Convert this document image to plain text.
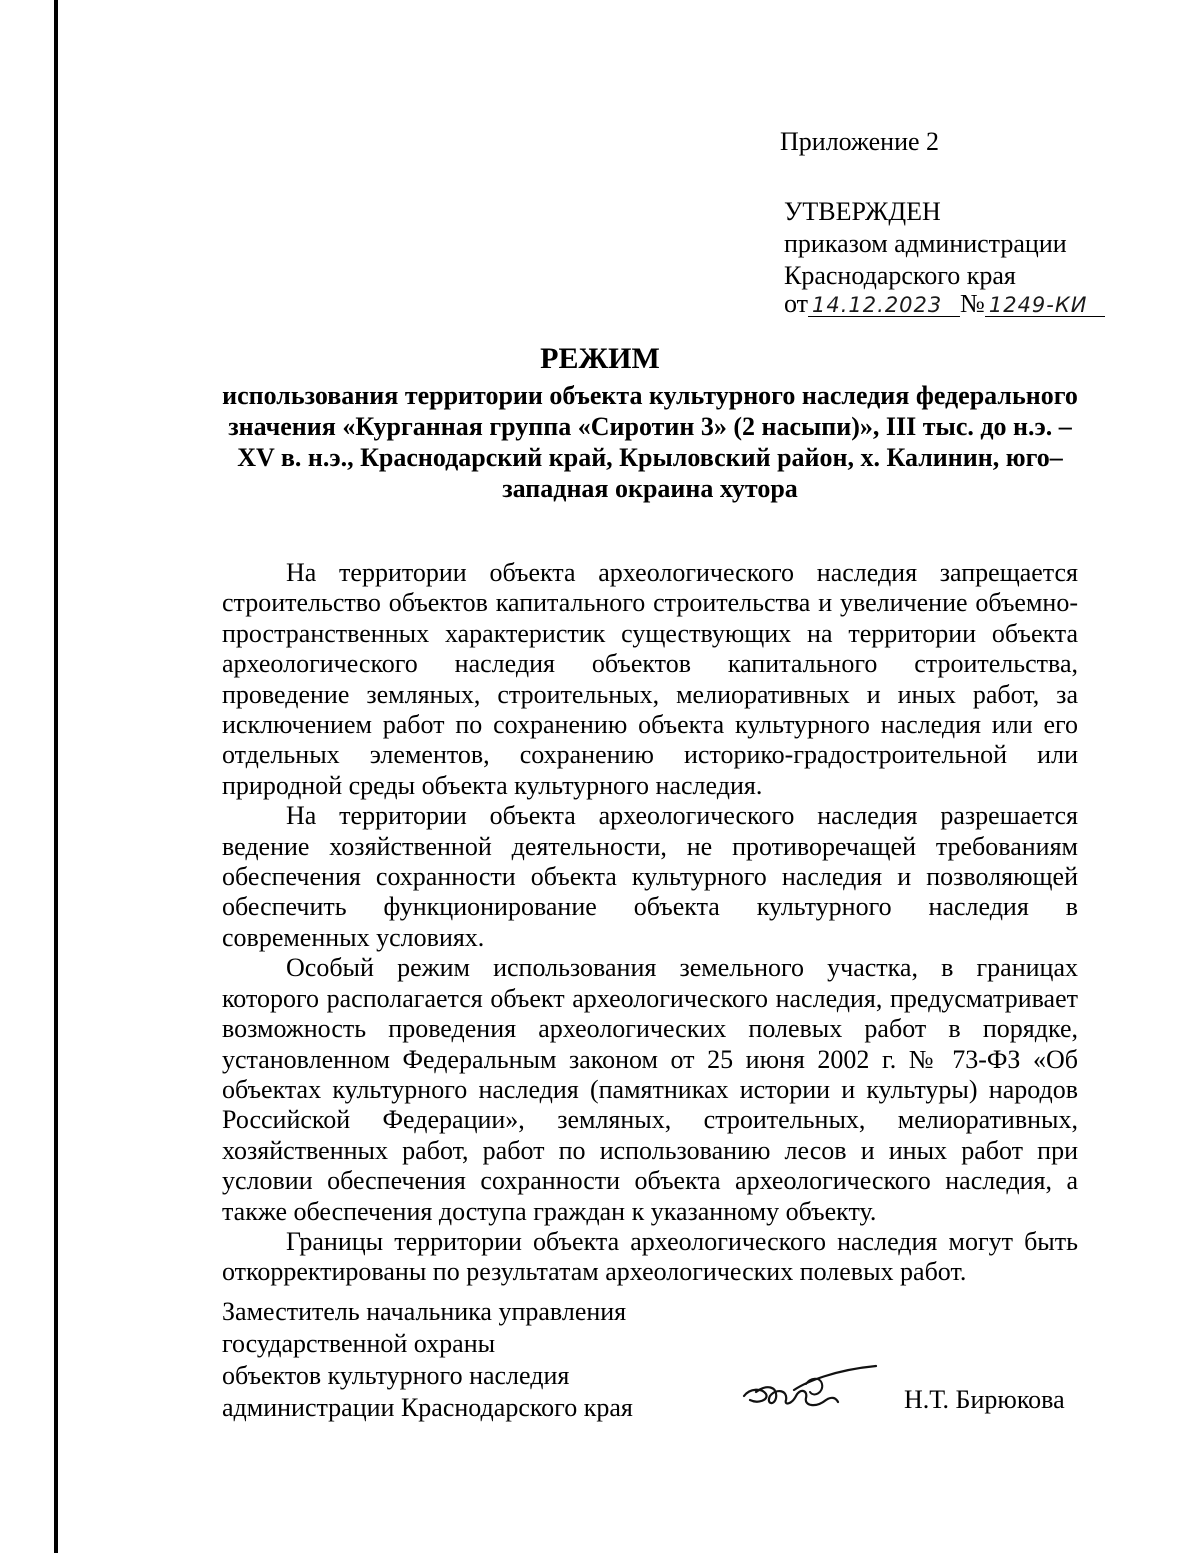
Приложение 2
УТВЕРЖДЕН
приказом администрации
Краснодарского края
от 14.12.2023 № 1249-КИ
РЕЖИМ
использования территории объекта культурного наследия федерального значения «Курганная группа «Сиротин 3» (2 насыпи)», III тыс. до н.э. – XV в. н.э., Краснодарский край, Крыловский район, х. Калинин, юго–западная окраина хутора

На территории объекта археологического наследия запрещается строительство объектов капитального строительства и увеличение объемно-пространственных характеристик существующих на территории объекта археологического наследия объектов капитального строительства, проведение земляных, строительных, мелиоративных и иных работ, за исключением работ по сохранению объекта культурного наследия или его отдельных элементов, сохранению историко-градостроительной или природной среды объекта культурного наследия.

На территории объекта археологического наследия разрешается ведение хозяйственной деятельности, не противоречащей требованиям обеспечения сохранности объекта культурного наследия и позволяющей обеспечить функционирование объекта культурного наследия в современных условиях.

Особый режим использования земельного участка, в границах которого располагается объект археологического наследия, предусматривает возможность проведения археологических полевых работ в порядке, установленном Федеральным законом от 25 июня 2002 г. № 73-ФЗ «Об объектах культурного наследия (памятниках истории и культуры) народов Российской Федерации», земляных, строительных, мелиоративных, хозяйственных работ, работ по использованию лесов и иных работ при условии обеспечения сохранности объекта археологического наследия, а также обеспечения доступа граждан к указанному объекту.

Границы территории объекта археологического наследия могут быть откорректированы по результатам археологических полевых работ.

Заместитель начальника управления
государственной охраны
объектов культурного наследия
администрации Краснодарского края	Н.Т. Бирюкова
